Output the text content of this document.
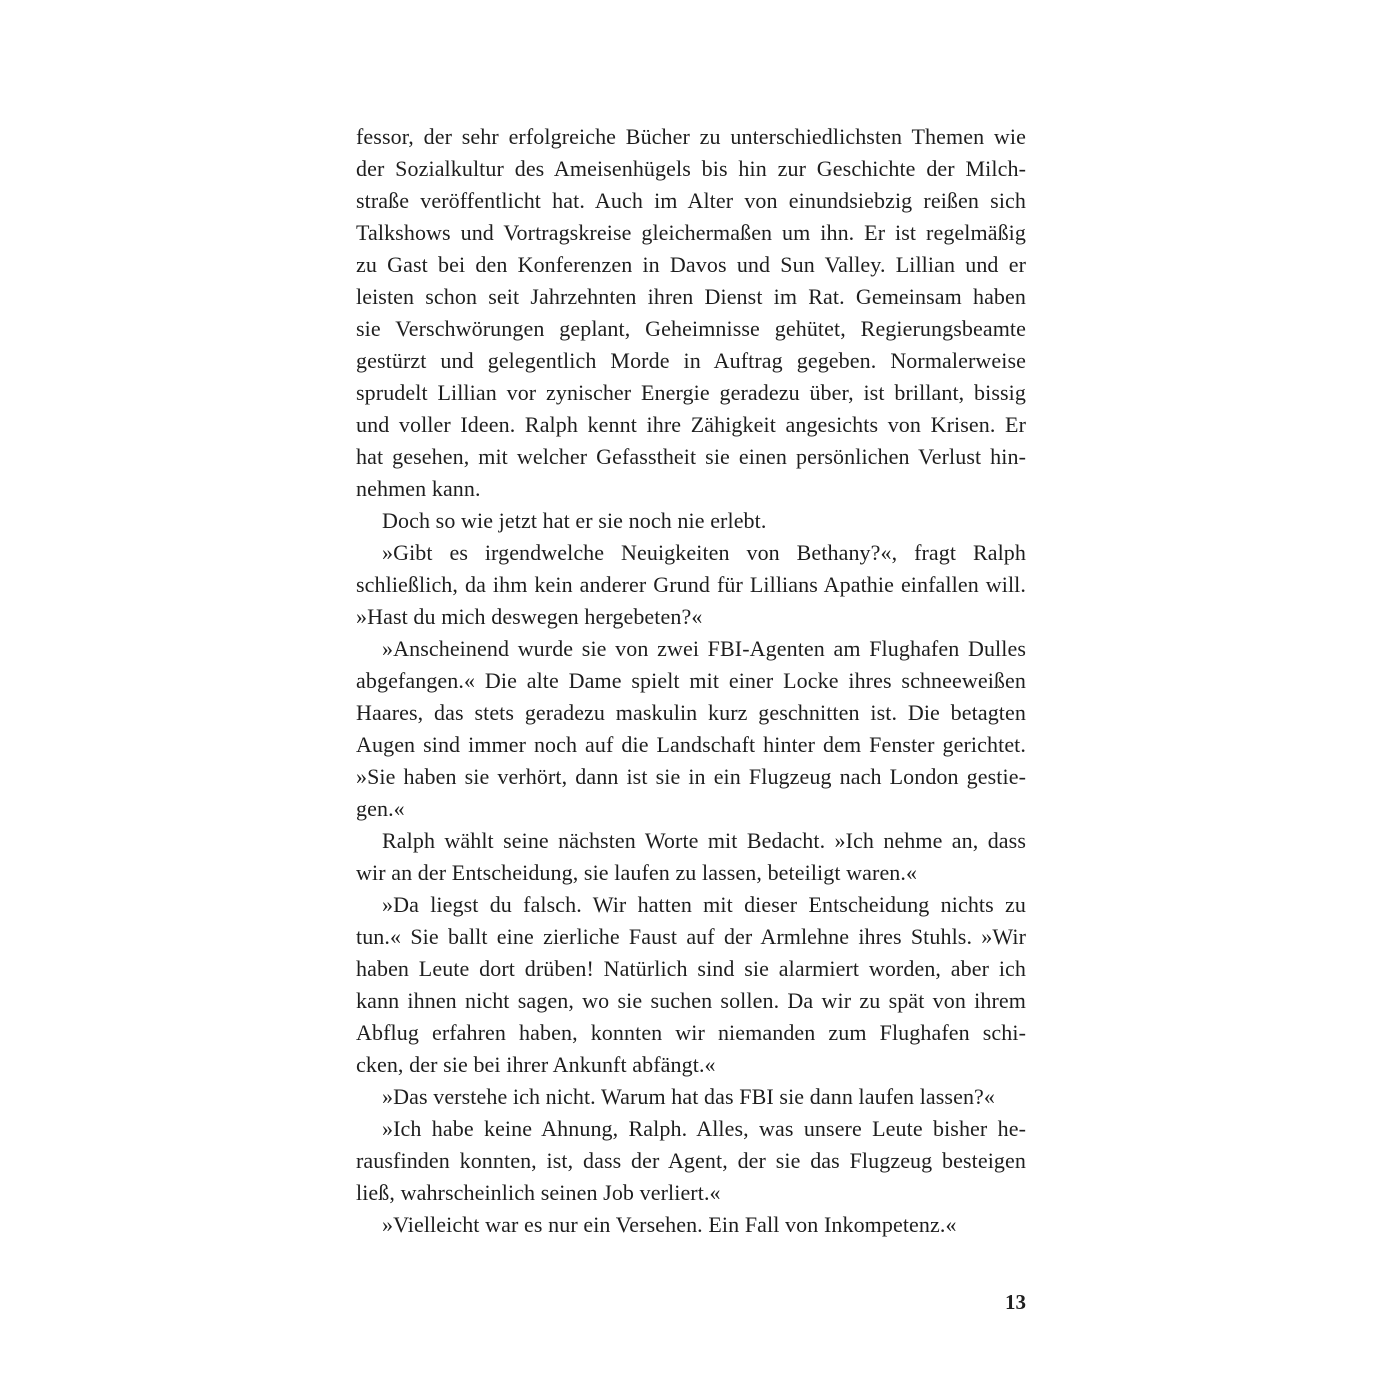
fessor, der sehr erfolgreiche Bücher zu unterschiedlichsten Themen wie
der Sozialkultur des Ameisenhügels bis hin zur Geschichte der Milch-
straße veröffentlicht hat. Auch im Alter von einundsiebzig reißen sich
Talkshows und Vortragskreise gleichermaßen um ihn. Er ist regelmäßig
zu Gast bei den Konferenzen in Davos und Sun Valley. Lillian und er
leisten schon seit Jahrzehnten ihren Dienst im Rat. Gemeinsam haben
sie Verschwörungen geplant, Geheimnisse gehütet, Regierungsbeamte
gestürzt und gelegentlich Morde in Auftrag gegeben. Normalerweise
sprudelt Lillian vor zynischer Energie geradezu über, ist brillant, bissig
und voller Ideen. Ralph kennt ihre Zähigkeit angesichts von Krisen. Er
hat gesehen, mit welcher Gefasstheit sie einen persönlichen Verlust hin-
nehmen kann.
Doch so wie jetzt hat er sie noch nie erlebt.
»Gibt es irgendwelche Neuigkeiten von Bethany?«, fragt Ralph
schließlich, da ihm kein anderer Grund für Lillians Apathie einfallen will.
»Hast du mich deswegen hergebeten?«
»Anscheinend wurde sie von zwei FBI-Agenten am Flughafen Dulles
abgefangen.« Die alte Dame spielt mit einer Locke ihres schneeweißen
Haares, das stets geradezu maskulin kurz geschnitten ist. Die betagten
Augen sind immer noch auf die Landschaft hinter dem Fenster gerichtet.
»Sie haben sie verhört, dann ist sie in ein Flugzeug nach London gestie-
gen.«
Ralph wählt seine nächsten Worte mit Bedacht. »Ich nehme an, dass
wir an der Entscheidung, sie laufen zu lassen, beteiligt waren.«
»Da liegst du falsch. Wir hatten mit dieser Entscheidung nichts zu
tun.« Sie ballt eine zierliche Faust auf der Armlehne ihres Stuhls. »Wir
haben Leute dort drüben! Natürlich sind sie alarmiert worden, aber ich
kann ihnen nicht sagen, wo sie suchen sollen. Da wir zu spät von ihrem
Abflug erfahren haben, konnten wir niemanden zum Flughafen schi-
cken, der sie bei ihrer Ankunft abfängt.«
»Das verstehe ich nicht. Warum hat das FBI sie dann laufen lassen?«
»Ich habe keine Ahnung, Ralph. Alles, was unsere Leute bisher he-
rausfinden konnten, ist, dass der Agent, der sie das Flugzeug besteigen
ließ, wahrscheinlich seinen Job verliert.«
»Vielleicht war es nur ein Versehen. Ein Fall von Inkompetenz.«
13
